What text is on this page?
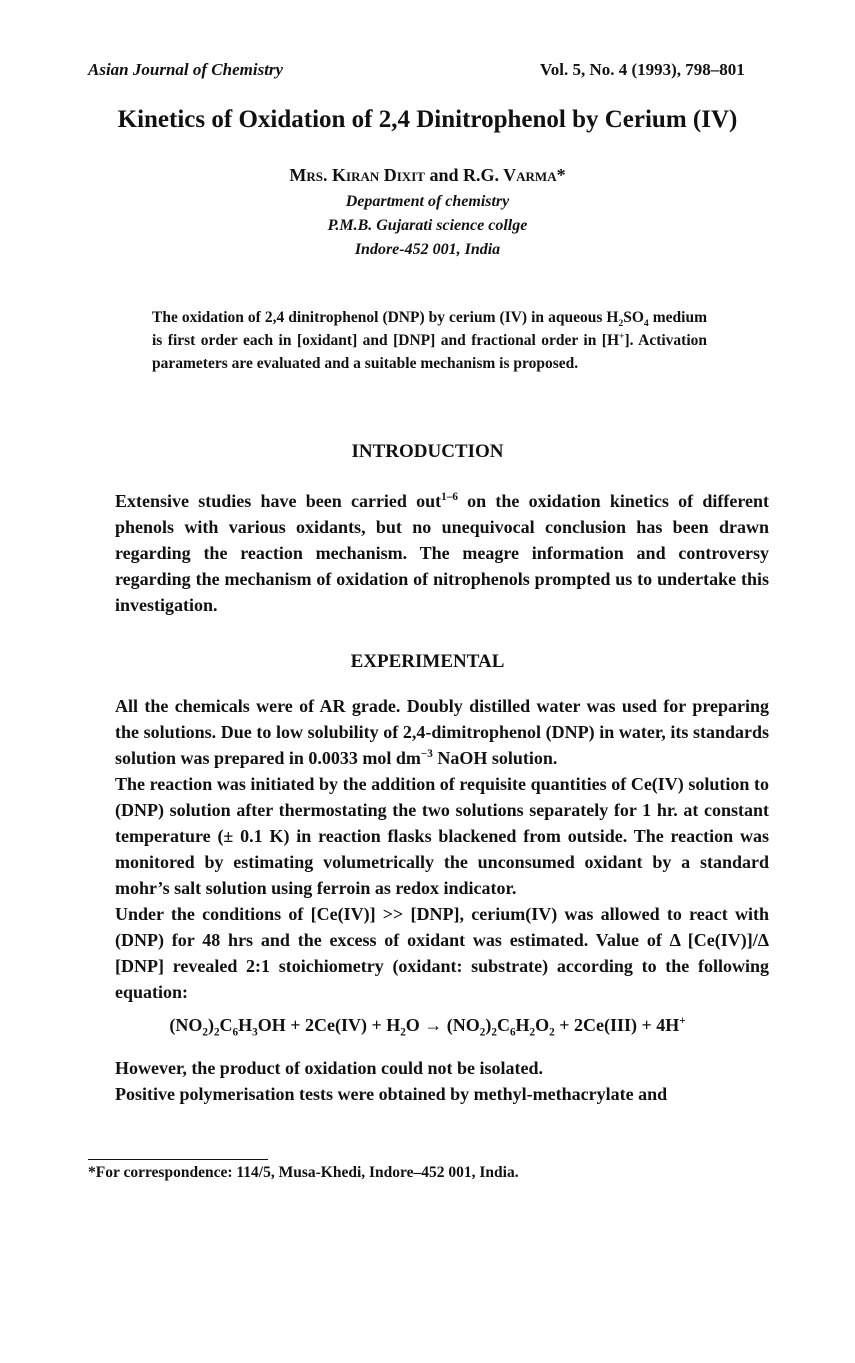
Asian Journal of Chemistry	Vol. 5, No. 4 (1993), 798–801
Kinetics of Oxidation of 2,4 Dinitrophenol by Cerium (IV)
Mrs. Kiran Dixit and R.G. Varma*
Department of chemistry
P.M.B. Gujarati science collge
Indore-452 001, India
The oxidation of 2,4 dinitrophenol (DNP) by cerium (IV) in aqueous $H_2SO_4$ medium is first order each in [oxidant] and [DNP] and fractional order in [H+]. Activation parameters are evaluated and a suitable mechanism is proposed.
INTRODUCTION
Extensive studies have been carried out$^{1-6}$ on the oxidation kinetics of different phenols with various oxidants, but no unequivocal conclusion has been drawn regarding the reaction mechanism. The meagre information and controversy regarding the mechanism of oxidation of nitrophenols prompted us to undertake this investigation.
EXPERIMENTAL
All the chemicals were of AR grade. Doubly distilled water was used for preparing the solutions. Due to low solubility of 2,4-dimitrophenol (DNP) in water, its standards solution was prepared in 0.0033 mol $dm^{-3}$ NaOH solution.
The reaction was initiated by the addition of requisite quantities of Ce(IV) solution to (DNP) solution after thermostating the two solutions separately for 1 hr. at constant temperature (± 0.1 K) in reaction flasks blackened from outside. The reaction was monitored by estimating volumetrically the unconsumed oxidant by a standard mohr’s salt solution using ferroin as redox indicator.
Under the conditions of [Ce(IV)] >> [DNP], cerium(IV) was allowed to react with (DNP) for 48 hrs and the excess of oxidant was estimated. Value of Δ [Ce(IV)]/Δ [DNP] revealed 2:1 stoichiometry (oxidant: substrate) according to the following equation:
$(NO_2)_2C_6H_3OH + 2Ce(IV) + H_2O \to (NO_2)_2C_6H_2O_2 + 2Ce(III) + 4H^+$
However, the product of oxidation could not be isolated.
Positive polymerisation tests were obtained by methyl-methacrylate and
*For correspondence: 114/5, Musa-Khedi, Indore–452 001, India.
